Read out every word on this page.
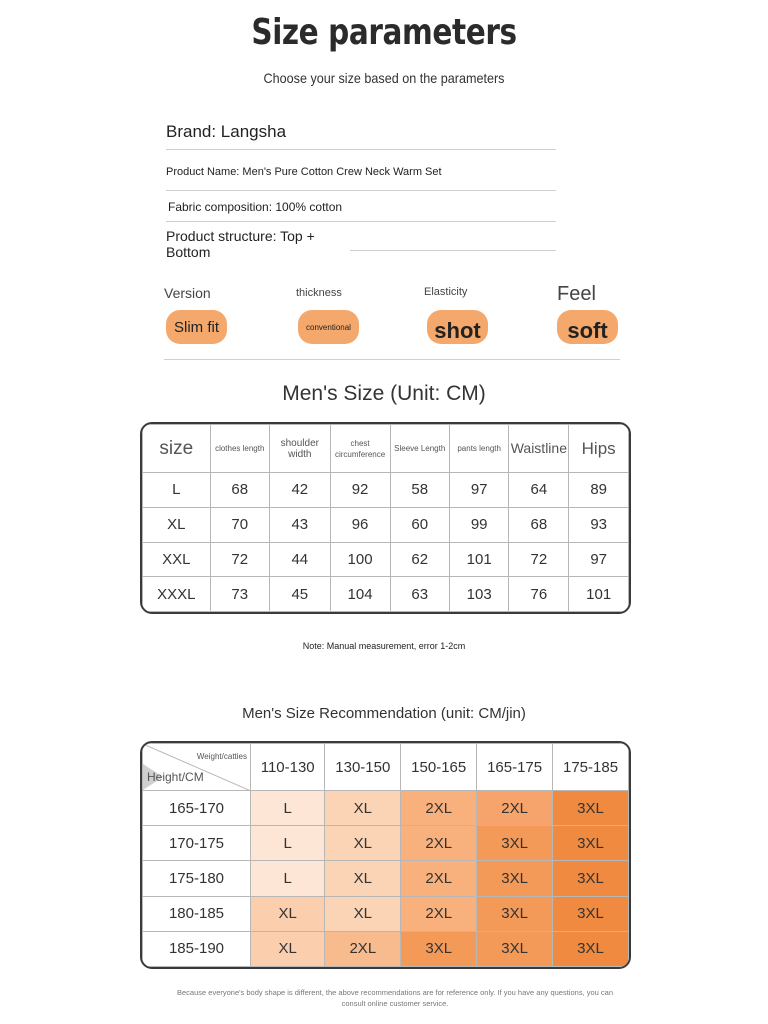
Size parameters
Choose your size based on the parameters
Brand: Langsha
Product Name: Men's Pure Cotton Crew Neck Warm Set
Fabric composition: 100% cotton
Product structure: Top + Bottom
Version
Slim fit
thickness
conventional
Elasticity
shot
Feel
soft
Men's Size (Unit: CM)
size	clothes length	shoulder width	chest circumference	Sleeve Length	pants length	Waistline	Hips
L	68	42	92	58	97	64	89
XL	70	43	96	60	99	68	93
XXL	72	44	100	62	101	72	97
XXXL	73	45	104	63	103	76	101
Note: Manual measurement, error 1-2cm
Men's Size Recommendation (unit: CM/jin)
Weight/catties
Height/CM	110-130	130-150	150-165	165-175	175-185
165-170	L	XL	2XL	2XL	3XL
170-175	L	XL	2XL	3XL	3XL
175-180	L	XL	2XL	3XL	3XL
180-185	XL	XL	2XL	3XL	3XL
185-190	XL	2XL	3XL	3XL	3XL
Because everyone's body shape is different, the above recommendations are for reference only. If you have any questions, you can consult online customer service.
